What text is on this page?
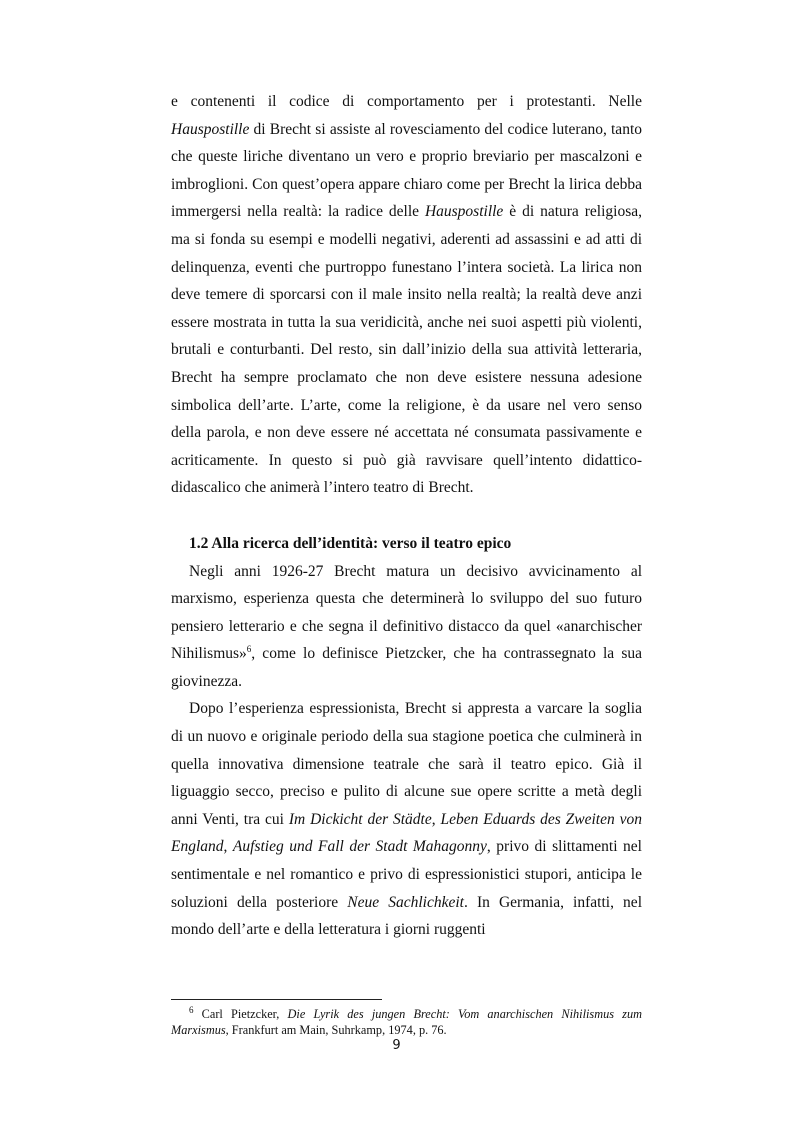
e contenenti il codice di comportamento per i protestanti. Nelle Hauspostille di Brecht si assiste al rovesciamento del codice luterano, tanto che queste liriche diventano un vero e proprio breviario per mascalzoni e imbroglioni. Con quest’opera appare chiaro come per Brecht la lirica debba immergersi nella realtà: la radice delle Hauspostille è di natura religiosa, ma si fonda su esempi e modelli negativi, aderenti ad assassini e ad atti di delinquenza, eventi che purtroppo funestano l’intera società. La lirica non deve temere di sporcarsi con il male insito nella realtà; la realtà deve anzi essere mostrata in tutta la sua veridicità, anche nei suoi aspetti più violenti, brutali e conturbanti. Del resto, sin dall’inizio della sua attività letteraria, Brecht ha sempre proclamato che non deve esistere nessuna adesione simbolica dell’arte. L’arte, come la religione, è da usare nel vero senso della parola, e non deve essere né accettata né consumata passivamente e acriticamente. In questo si può già ravvisare quell’intento didattico-didascalico che animerà l’intero teatro di Brecht.

1.2 Alla ricerca dell’identità: verso il teatro epico

Negli anni 1926-27 Brecht matura un decisivo avvicinamento al marxismo, esperienza questa che determinerà lo sviluppo del suo futuro pensiero letterario e che segna il definitivo distacco da quel «anarchischer Nihilismus»$^6$, come lo definisce Pietzcker, che ha contrassegnato la sua giovinezza.

Dopo l’esperienza espressionista, Brecht si appresta a varcare la soglia di un nuovo e originale periodo della sua stagione poetica che culminerà in quella innovativa dimensione teatrale che sarà il teatro epico. Già il liguaggio secco, preciso e pulito di alcune sue opere scritte a metà degli anni Venti, tra cui Im Dickicht der Städte, Leben Eduards des Zweiten von England, Aufstieg und Fall der Stadt Mahagonny, privo di slittamenti nel sentimentale e nel romantico e privo di espressionistici stupori, anticipa le soluzioni della posteriore Neue Sachlichkeit. In Germania, infatti, nel mondo dell’arte e della letteratura i giorni ruggenti

$^6$ Carl Pietzcker, Die Lyrik des jungen Brecht: Vom anarchischen Nihilismus zum Marxismus, Frankfurt am Main, Suhrkamp, 1974, p. 76.
9
